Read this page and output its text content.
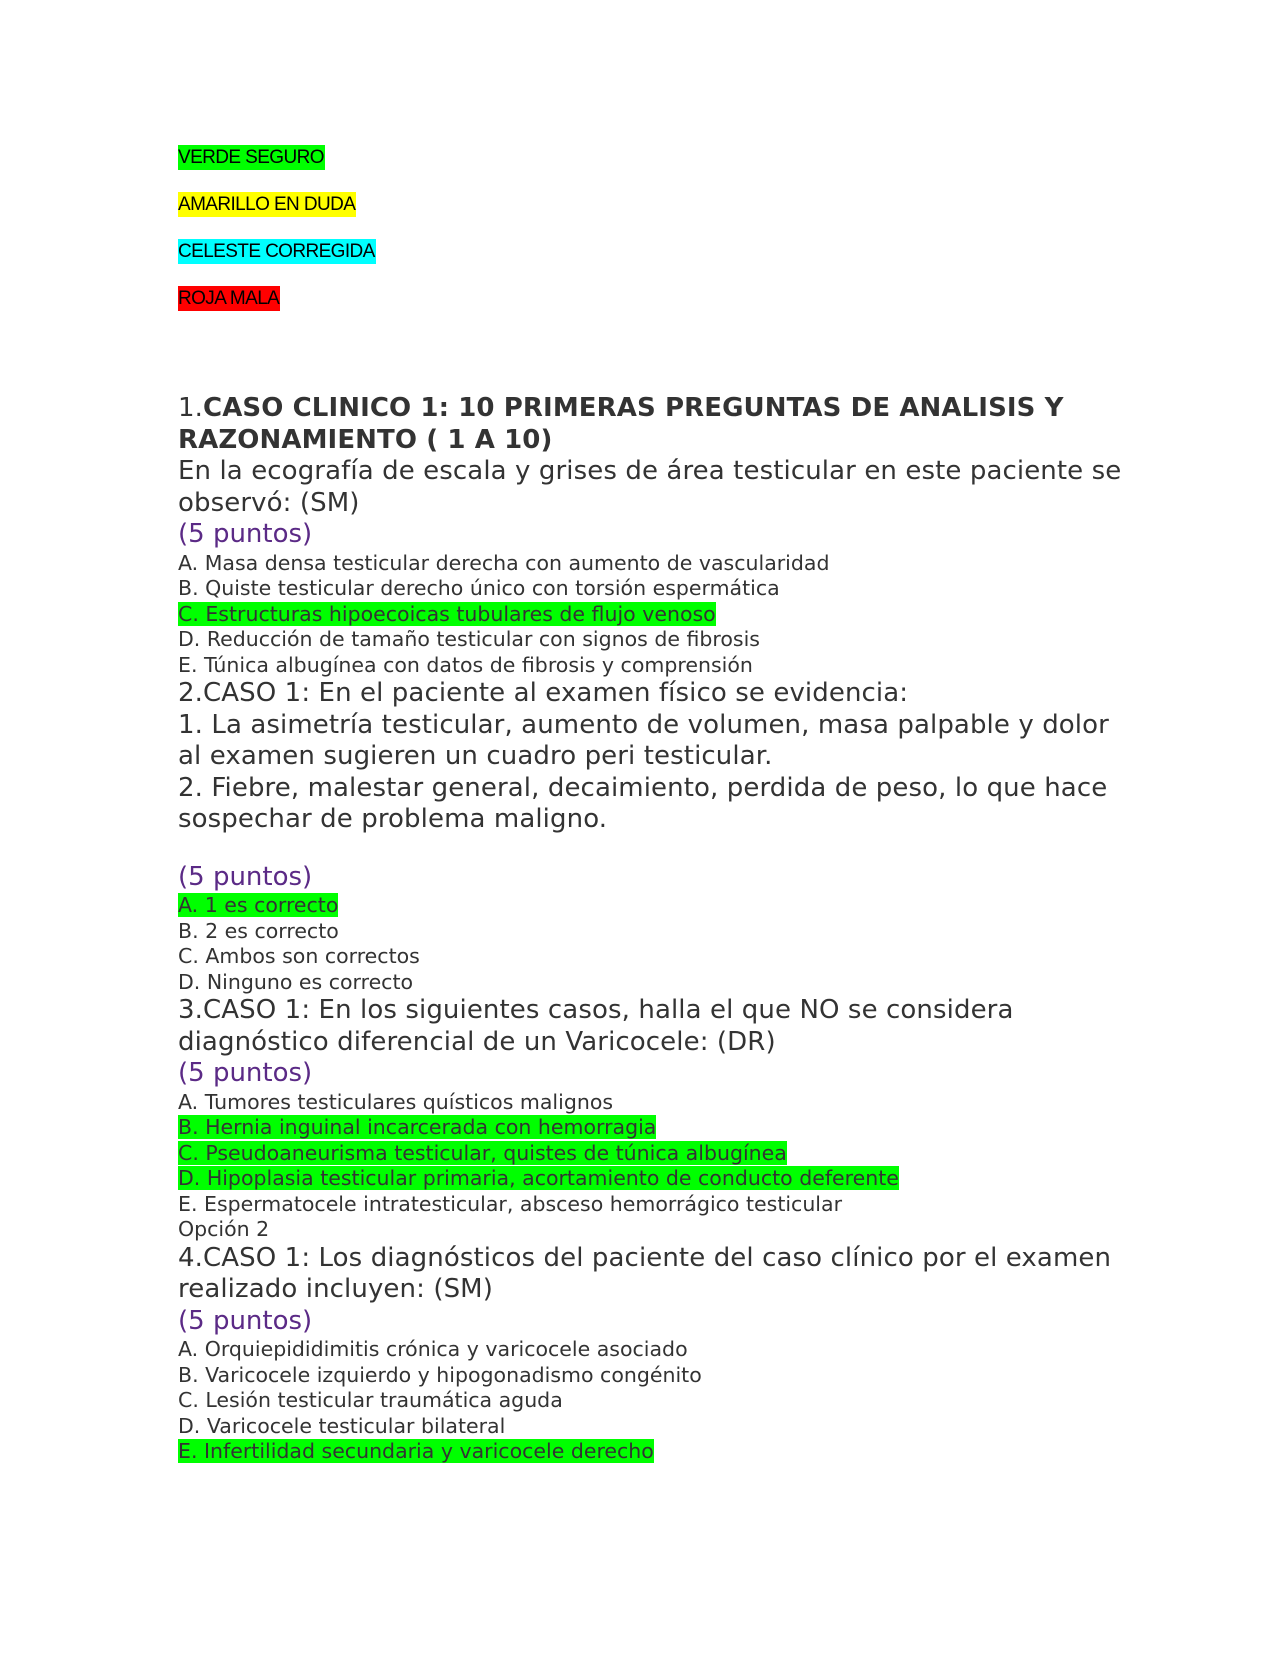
VERDE SEGURO
AMARILLO EN DUDA
CELESTE CORREGIDA
ROJA MALA

1.CASO CLINICO 1: 10 PRIMERAS PREGUNTAS DE ANALISIS Y RAZONAMIENTO ( 1 A 10)

En la ecografía de escala y grises de área testicular en este paciente se observó: (SM)

(5 puntos)

A. Masa densa testicular derecha con aumento de vascularidad

B. Quiste testicular derecho único con torsión espermática

C. Estructuras hipoecoicas tubulares de flujo venoso

D. Reducción de tamaño testicular con signos de fibrosis

E. Túnica albugínea con datos de fibrosis y comprensión

2.CASO 1: En el paciente al examen físico se evidencia:

1. La asimetría testicular, aumento de volumen, masa palpable y dolor al examen sugieren un cuadro peri testicular.

2. Fiebre, malestar general, decaimiento, perdida de peso, lo que hace sospechar de problema maligno.

(5 puntos)

A. 1 es correcto

B. 2 es correcto

C. Ambos son correctos

D. Ninguno es correcto

3.CASO 1: En los siguientes casos, halla el que NO se considera diagnóstico diferencial de un Varicocele: (DR)

(5 puntos)

A. Tumores testiculares quísticos malignos

B. Hernia inguinal incarcerada con hemorragia

C. Pseudoaneurisma testicular, quistes de túnica albugínea

D. Hipoplasia testicular primaria, acortamiento de conducto deferente

E. Espermatocele intratesticular, absceso hemorrágico testicular

Opción 2

4.CASO 1: Los diagnósticos del paciente del caso clínico por el examen realizado incluyen: (SM)

(5 puntos)

A. Orquiepididimitis crónica y varicocele asociado

B. Varicocele izquierdo y hipogonadismo congénito

C. Lesión testicular traumática aguda

D. Varicocele testicular bilateral

E. Infertilidad secundaria y varicocele derecho
